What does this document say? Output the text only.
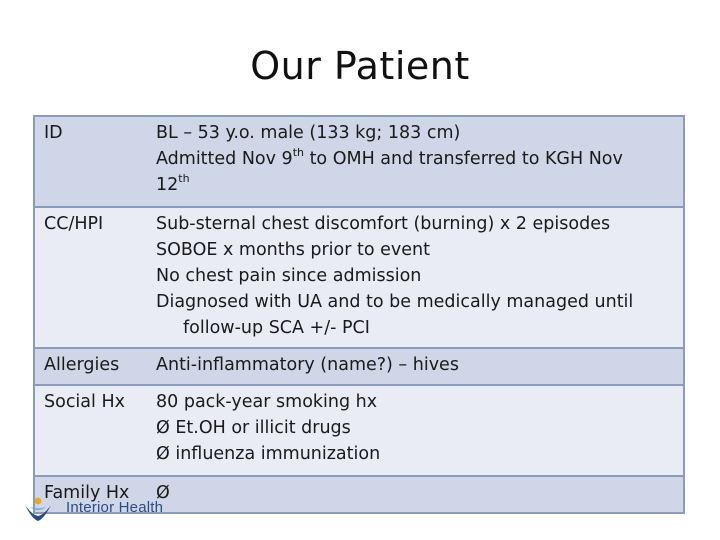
Our Patient
ID	BL – 53 y.o. male (133 kg; 183 cm)
Admitted Nov 9th to OMH and transferred to KGH Nov
12th

CC/HPI	Sub-sternal chest discomfort (burning) x 2 episodes
SOBOE x months prior to event
No chest pain since admission
Diagnosed with UA and to be medically managed until
follow-up SCA +/- PCI

Allergies	Anti-inflammatory (name?) – hives

Social Hx	80 pack-year smoking hx
Ø Et.OH or illicit drugs
Ø influenza immunization

Family Hx	Ø
Interior Health
